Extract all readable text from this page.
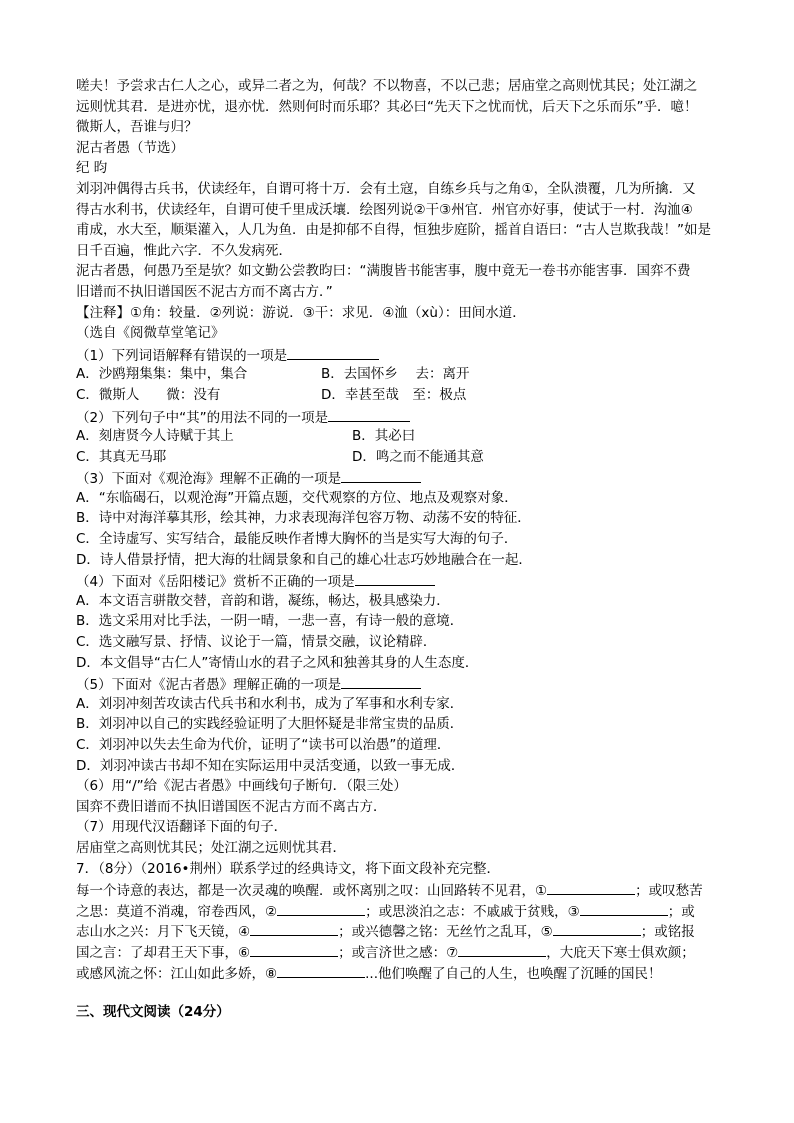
嗟夫！予尝求古仁人之心，或异二者之为，何哉？不以物喜，不以己悲；居庙堂之高则忧其民；处江湖之
远则忧其君．是进亦忧，退亦忧．然则何时而乐耶？其必曰“先天下之忧而忧，后天下之乐而乐”乎．噫！
微斯人，吾谁与归？
泥古者愚（节选）
纪 昀
刘羽冲偶得古兵书，伏读经年，自谓可将十万．会有土寇，自练乡兵与之角①，全队溃覆，几为所擒．又
得古水利书，伏读经年，自谓可使千里成沃壤．绘图列说②干③州官．州官亦好事，使试于一村．沟洫④
甫成，水大至，顺渠灌入，人几为鱼．由是抑郁不自得，恒独步庭阶，摇首自语曰：“古人岂欺我哉！”如是
日千百遍，惟此六字．不久发病死．
泥古者愚，何愚乃至是欤？如文勤公尝教昀曰：“满腹皆书能害事，腹中竟无一卷书亦能害事．国弈不费
旧谱而不执旧谱国医不泥古方而不离古方．”
【注释】①角：较量．②列说：游说．③干：求见．④洫（xù）：田间水道．
（选自《阅微草堂笔记》
（1）下列词语解释有错误的一项是
A．沙鸥翔集集：集中，集合	B．去国怀乡　 去：离开
C．微斯人　　微：没有	D．幸甚至哉　至：极点
（2）下列句子中“其”的用法不同的一项是
A．刻唐贤今人诗赋于其上	B．其必曰
C．其真无马耶	D．鸣之而不能通其意
（3）下面对《观沧海》理解不正确的一项是
A．“东临碣石，以观沧海”开篇点题，交代观察的方位、地点及观察对象．
B．诗中对海洋摹其形，绘其神，力求表现海洋包容万物、动荡不安的特征．
C．全诗虚写、实写结合，最能反映作者博大胸怀的当是实写大海的句子．
D．诗人借景抒情，把大海的壮阔景象和自己的雄心壮志巧妙地融合在一起．
（4）下面对《岳阳楼记》赏析不正确的一项是
A．本文语言骈散交替，音韵和谐，凝练，畅达，极具感染力．
B．选文采用对比手法，一阴一晴，一悲一喜，有诗一般的意境．
C．选文融写景、抒情、议论于一篇，情景交融，议论精辟．
D．本文倡导“古仁人”寄情山水的君子之风和独善其身的人生态度．
（5）下面对《泥古者愚》理解正确的一项是
A．刘羽冲刻苦攻读古代兵书和水利书，成为了军事和水利专家．
B．刘羽冲以自己的实践经验证明了大胆怀疑是非常宝贵的品质．
C．刘羽冲以失去生命为代价，证明了“读书可以治愚”的道理．
D．刘羽冲读古书却不知在实际运用中灵活变通，以致一事无成．
（6）用“/”给《泥古者愚》中画线句子断句．（限三处）
国弈不费旧谱而不执旧谱国医不泥古方而不离古方．
（7）用现代汉语翻译下面的句子．
居庙堂之高则忧其民；处江湖之远则忧其君．
7．（8分）（2016•荆州）联系学过的经典诗文，将下面文段补充完整．
每一个诗意的表达，都是一次灵魂的唤醒．或怀离别之叹：山回路转不见君，①	；或叹愁苦
之思：莫道不消魂，帘卷西风，②	；或思淡泊之志：不戚戚于贫贱，③	；或
志山水之兴：月下飞天镜，④	；或兴德馨之铭：无丝竹之乱耳，⑤	；或铭报
国之言：了却君王天下事，⑥	；或言济世之感：⑦	，大庇天下寒士俱欢颜；
或感风流之怀：江山如此多娇，⑧	...他们唤醒了自己的人生，也唤醒了沉睡的国民！
三、现代文阅读（24分）
